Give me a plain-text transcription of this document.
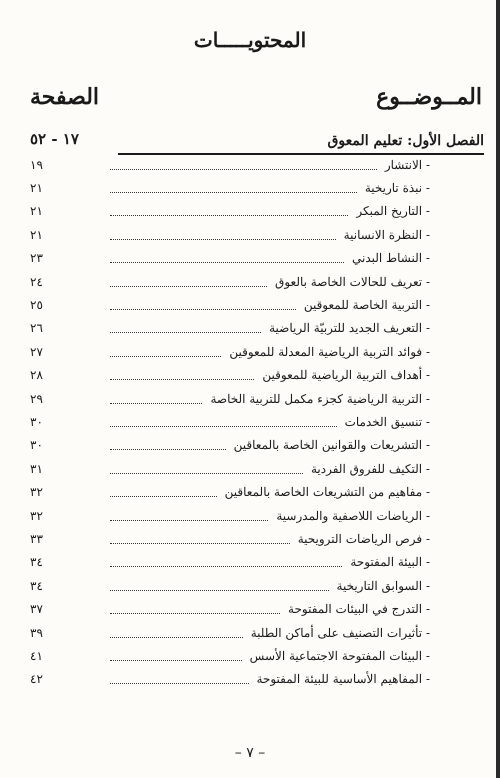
المحتويـــــات
المــوضــوع
الصفحة
الفصل الأول: تعليم المعوق
١٧ - ٥٢
- الانتشار
١٩
- نبذة تاريخية
٢١
- التاريخ المبكر
٢١
- النظرة الانسانية
٢١
- النشاط البدني
٢٣
- تعريف للحالات الخاصة بالعوق
٢٤
- التربية الخاصة للمعوقين
٢٥
- التعريف الجديد للتربيّة الرياضية
٢٦
- فوائد التربية الرياضية المعدلة للمعوقين
٢٧
- أهداف التربية الرياضية للمعوقين
٢٨
- التربية الرياضية كجزء مكمل للتربية الخاصة
٢٩
- تنسيق الخدمات
٣٠
- التشريعات والقوانين الخاصة بالمعاقين
٣٠
- التكيف للفروق الفردية
٣١
- مفاهيم من التشريعات الخاصة بالمعاقين
٣٢
- الرياضات اللاصفية والمدرسية
٣٢
- فرص الرياضات الترويحية
٣٣
- البيئة المفتوحة
٣٤
- السوابق التاريخية
٣٤
- التدرج في البيئات المفتوحة
٣٧
- تأثيرات التصنيف على أماكن الطلبة
٣٩
- البيئات المفتوحة الاجتماعية الأسس
٤١
- المفاهيم الأساسية للبيئة المفتوحة
٤٢
– ٧ –
